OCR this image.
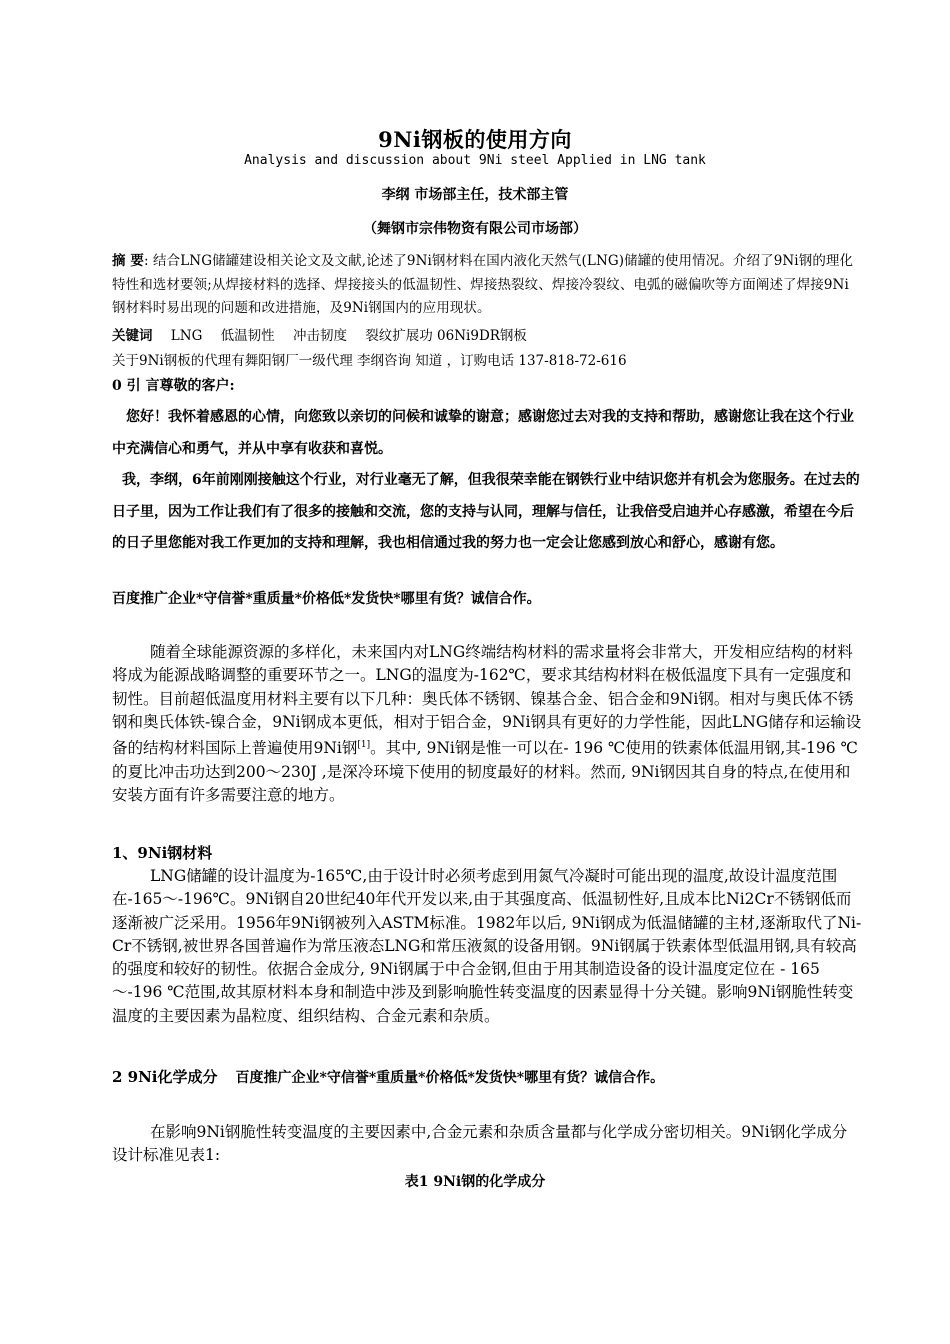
9Ni钢板的使用方向
Analysis and discussion about 9Ni steel Applied in LNG tank
李纲 市场部主任，技术部主管
（舞钢市宗伟物资有限公司市场部）
摘 要: 结合LNG储罐建设相关论文及文献,论述了9Ni钢材料在国内液化天然气(LNG)储罐的使用情况。介绍了9Ni钢的理化特性和选材要领;从焊接材料的选择、焊接接头的低温韧性、焊接热裂纹、焊接冷裂纹、电弧的磁偏吹等方面阐述了焊接9Ni钢材料时易出现的问题和改进措施，及9Ni钢国内的应用现状。
关键词 LNG 低温韧性 冲击韧度 裂纹扩展功 06Ni9DR钢板
关于9Ni钢板的代理有舞阳钢厂一级代理 李纲咨询 知道 ，订购电话 137-818-72-616
0 引 言尊敬的客户:

您好！我怀着感恩的心情，向您致以亲切的问候和诚挚的谢意；感谢您过去对我的支持和帮助，感谢您让我在这个行业中充满信心和勇气，并从中享有收获和喜悦。

我，李纲，6年前刚刚接触这个行业，对行业毫无了解，但我很荣幸能在钢铁行业中结识您并有机会为您服务。在过去的日子里，因为工作让我们有了很多的接触和交流，您的支持与认同，理解与信任，让我倍受启迪并心存感激，希望在今后的日子里您能对我工作更加的支持和理解，我也相信通过我的努力也一定会让您感到放心和舒心，感谢有您。

百度推广企业*守信誉*重质量*价格低*发货快*哪里有货？诚信合作。
随着全球能源资源的多样化，未来国内对LNG终端结构材料的需求量将会非常大，开发相应结构的材料将成为能源战略调整的重要环节之一。LNG的温度为-162℃，要求其结构材料在极低温度下具有一定强度和韧性。目前超低温度用材料主要有以下几种：奥氏体不锈钢、镍基合金、铝合金和9Ni钢。相对与奥氏体不锈钢和奥氏体铁-镍合金，9Ni钢成本更低，相对于铝合金，9Ni钢具有更好的力学性能，因此LNG储存和运输设备的结构材料国际上普遍使用9Ni钢[1]。其中, 9Ni钢是惟一可以在- 196 ℃使用的铁素体低温用钢,其-196 ℃的夏比冲击功达到200～230J ,是深冷环境下使用的韧度最好的材料。然而, 9Ni钢因其自身的特点,在使用和安装方面有许多需要注意的地方。
1、9Ni钢材料
LNG储罐的设计温度为-165℃,由于设计时必须考虑到用氮气冷凝时可能出现的温度,故设计温度范围在-165～-196℃。9Ni钢自20世纪40年代开发以来,由于其强度高、低温韧性好,且成本比Ni2Cr不锈钢低而逐渐被广泛采用。1956年9Ni钢被列入ASTM标准。1982年以后, 9Ni钢成为低温储罐的主材,逐渐取代了Ni-Cr不锈钢,被世界各国普遍作为常压液态LNG和常压液氮的设备用钢。9Ni钢属于铁素体型低温用钢,具有较高的强度和较好的韧性。依据合金成分, 9Ni钢属于中合金钢,但由于用其制造设备的设计温度定位在 - 165～-196 ℃范围,故其原材料本身和制造中涉及到影响脆性转变温度的因素显得十分关键。影响9Ni钢脆性转变温度的主要因素为晶粒度、组织结构、合金元素和杂质。
2 9Ni化学成分 百度推广企业*守信誉*重质量*价格低*发货快*哪里有货？诚信合作。
在影响9Ni钢脆性转变温度的主要因素中,合金元素和杂质含量都与化学成分密切相关。9Ni钢化学成分设计标准见表1:
表1 9Ni钢的化学成分
